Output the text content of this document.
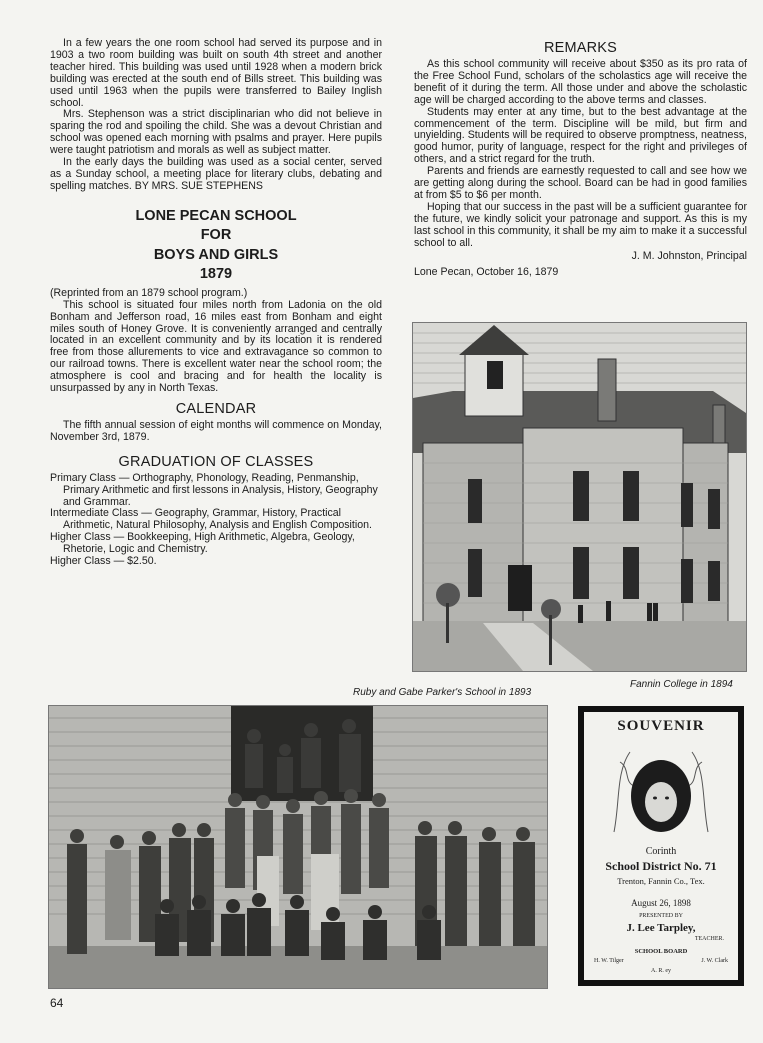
In a few years the one room school had served its purpose and in 1903 a two room building was built on south 4th street and another teacher hired. This building was used until 1928 when a modern brick building was erected at the south end of Bills street. This building was used until 1963 when the pupils were transferred to Bailey Inglish school.

Mrs. Stephenson was a strict disciplinarian who did not believe in sparing the rod and spoiling the child. She was a devout Christian and school was opened each morning with psalms and prayer. Here pupils were taught patriotism and morals as well as subject matter.

In the early days the building was used as a social center, served as a Sunday school, a meeting place for literary clubs, debating and spelling matches. BY MRS. SUE STEPHENS

LONE PECAN SCHOOL

FOR

BOYS AND GIRLS

1879

(Reprinted from an 1879 school program.)

This school is situated four miles north from Ladonia on the old Bonham and Jefferson road, 16 miles east from Bonham and eight miles south of Honey Grove. It is conveniently arranged and centrally located in an excellent community and by its location it is rendered free from those allurements to vice and extravagance so common to our railroad towns. There is excellent water near the school room; the atmosphere is cool and bracing and for health the locality is unsurpassed by any in North Texas.

CALENDAR

The fifth annual session of eight months will commence on Monday, November 3rd, 1879.

GRADUATION OF CLASSES

Primary Class — Orthography, Phonology, Reading, Penmanship, Primary Arithmetic and first lessons in Analysis, History, Geography and Grammar.

Intermediate Class — Geography, Grammar, History, Practical Arithmetic, Natural Philosophy, Analysis and English Composition.

Higher Class — Bookkeeping, High Arithmetic, Algebra, Geology, Rhetorie, Logic and Chemistry.

Higher Class — $2.50.

REMARKS

As this school community will receive about $350 as its pro rata of the Free School Fund, scholars of the scholastics age will receive the benefit of it during the term. All those under and above the scholastic age will be charged according to the above terms and classes.

Students may enter at any time, but to the best advantage at the commencement of the term. Discipline will be mild, but firm and unyielding. Students will be required to observe promptness, neatness, good humor, purity of language, respect for the right and privileges of others, and a strict regard for the truth.

Parents and friends are earnestly requested to call and see how we are getting along during the school. Board can be had in good families at from $5 to $6 per month.

Hoping that our success in the past will be a sufficient guarantee for the future, we kindly solicit your patronage and support. As this is my last school in this community, it shall be my aim to make it a successful school to all.

J. M. Johnston, Principal

Lone Pecan, October 16, 1879

Fannin College in 1894
Ruby and Gabe Parker's School in 1893
SOUVENIR
Corinth
School District No. 71
Trenton, Fannin Co., Tex.
August 26, 1898
PRESENTED BY
J. Lee Tarpley,
TEACHER.
SCHOOL BOARD
H. W. Tilger	J. W. Clark
A. R. ey
64
